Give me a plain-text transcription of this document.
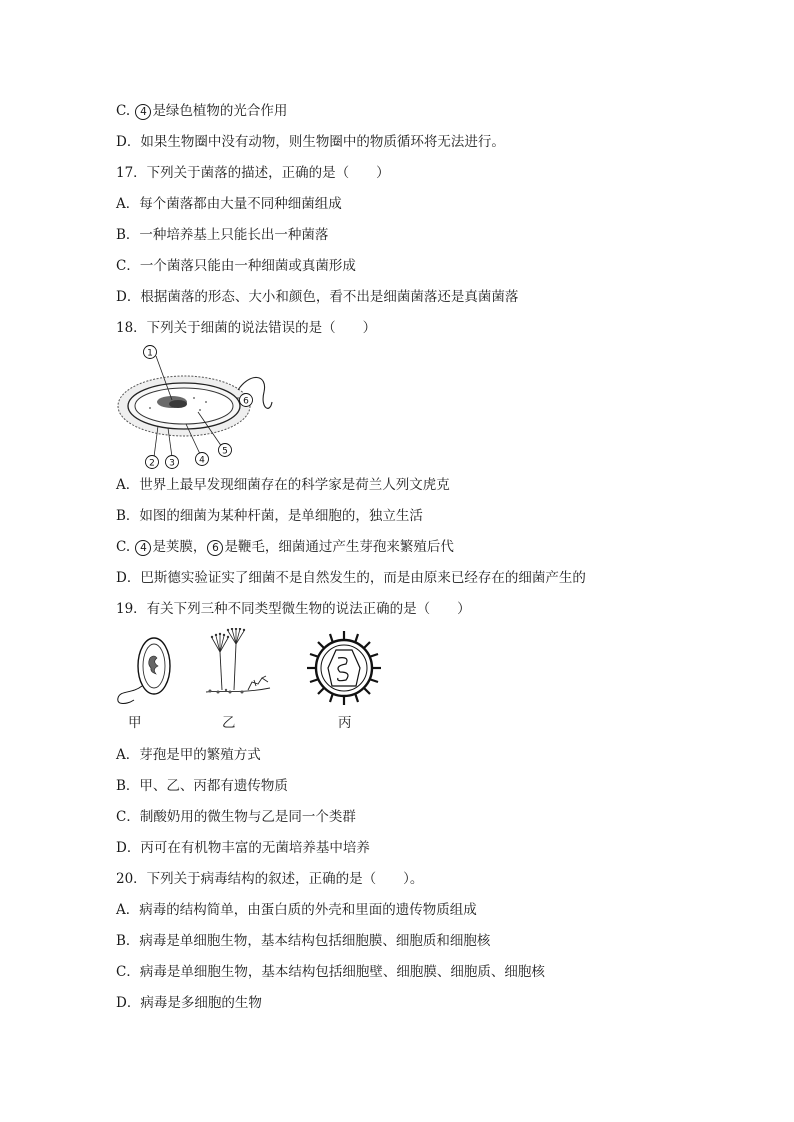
C. 4 是绿色植物的光合作用
D．如果生物圈中没有动物，则生物圈中的物质循环将无法进行。
17．下列关于菌落的描述，正确的是（　　）
A．每个菌落都由大量不同种细菌组成
B．一种培养基上只能长出一种菌落
C．一个菌落只能由一种细菌或真菌形成
D．根据菌落的形态、大小和颜色，看不出是细菌菌落还是真菌菌落
18．下列关于细菌的说法错误的是（　　）
1
2 3	4
5
6
A．世界上最早发现细菌存在的科学家是荷兰人列文虎克
B．如图的细菌为某种杆菌，是单细胞的，独立生活
C. 4 是荚膜， 6 是鞭毛，细菌通过产生芽孢来繁殖后代
D．巴斯德实验证实了细菌不是自然发生的，而是由原来已经存在的细菌产生的
19．有关下列三种不同类型微生物的说法正确的是（　　）
甲	乙	丙
A．芽孢是甲的繁殖方式
B．甲、乙、丙都有遗传物质
C．制酸奶用的微生物与乙是同一个类群
D．丙可在有机物丰富的无菌培养基中培养
20．下列关于病毒结构的叙述，正确的是（　　）。
A．病毒的结构简单，由蛋白质的外壳和里面的遗传物质组成
B．病毒是单细胞生物，基本结构包括细胞膜、细胞质和细胞核
C．病毒是单细胞生物，基本结构包括细胞壁、细胞膜、细胞质、细胞核
D．病毒是多细胞的生物
